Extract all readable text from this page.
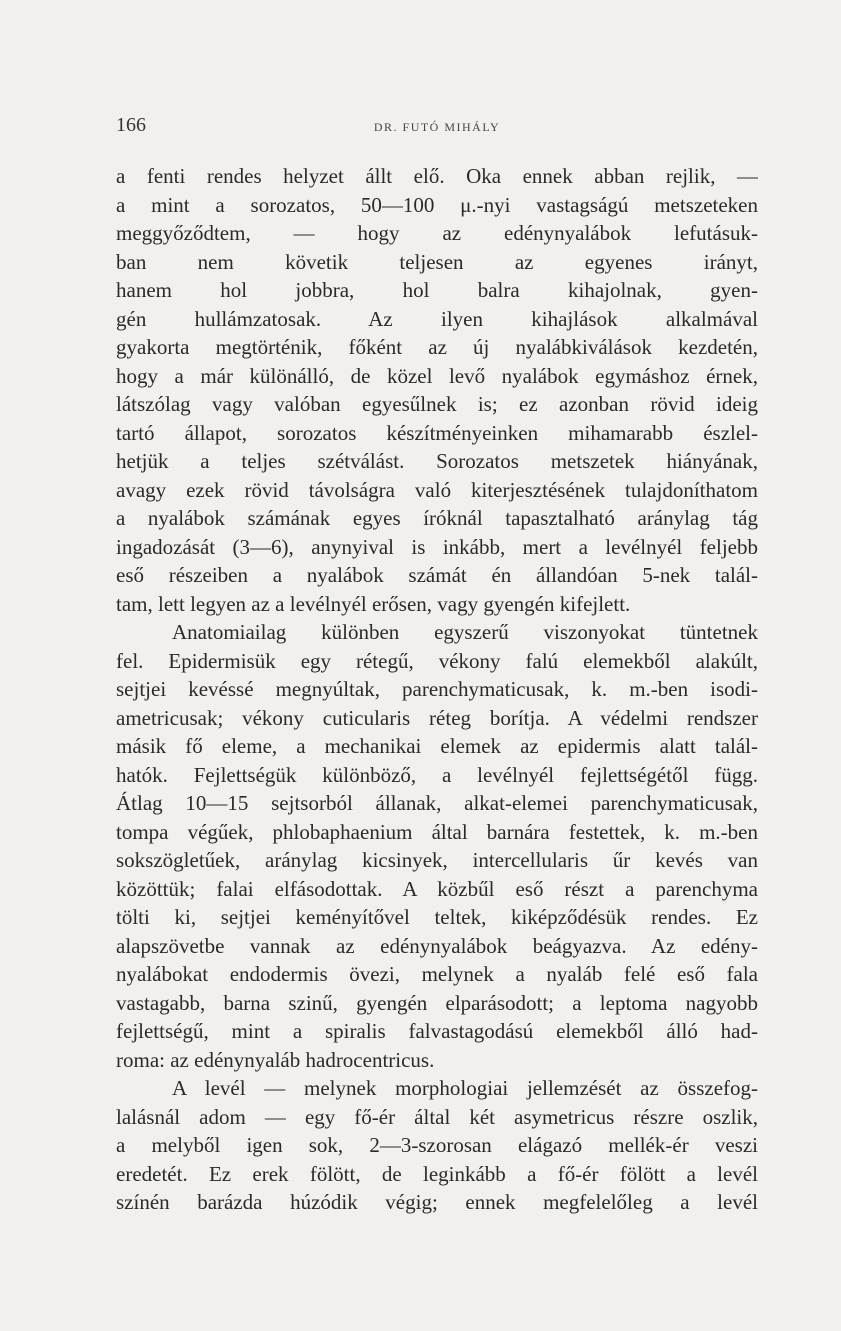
166	DR. FUTÓ MIHÁLY
a fenti rendes helyzet állt elő. Oka ennek abban rejlik, —
a mint a sorozatos, 50—100 μ.-nyi vastagságú metszeteken
meggyőződtem, — hogy az edénynyalábok lefutásuk-
ban nem követik teljesen az egyenes irányt,
hanem hol jobbra, hol balra kihajolnak, gyen-
gén hullámzatosak. Az ilyen kihajlások alkalmával
gyakorta megtörténik, főként az új nyalábkiválások kezdetén,
hogy a már különálló, de közel levő nyalábok egymáshoz érnek,
látszólag vagy valóban egyesűlnek is; ez azonban rövid ideig
tartó állapot, sorozatos készítményeinken mihamarabb észlel-
hetjük a teljes szétválást. Sorozatos metszetek hiányának,
avagy ezek rövid távolságra való kiterjesztésének tulajdoníthatom
a nyalábok számának egyes íróknál tapasztalható aránylag tág
ingadozását (3—6), anynyival is inkább, mert a levélnyél feljebb
eső részeiben a nyalábok számát én állandóan 5-nek talál-
tam, lett legyen az a levélnyél erősen, vagy gyengén kifejlett.
Anatomiailag különben egyszerű viszonyokat tüntetnek
fel. Epidermisük egy rétegű, vékony falú elemekből alakúlt,
sejtjei kevéssé megnyúltak, parenchymaticusak, k. m.-ben isodi-
ametricusak; vékony cuticularis réteg borítja. A védelmi rendszer
másik fő eleme, a mechanikai elemek az epidermis alatt talál-
hatók. Fejlettségük különböző, a levélnyél fejlettségétől függ.
Átlag 10—15 sejtsorból állanak, alkat-elemei parenchymaticusak,
tompa végűek, phlobaphaenium által barnára festettek, k. m.-ben
sokszögletűek, aránylag kicsinyek, intercellularis űr kevés van
közöttük; falai elfásodottak. A közbűl eső részt a parenchyma
tölti ki, sejtjei keményítővel teltek, kiképződésük rendes. Ez
alapszövetbe vannak az edénynyalábok beágyazva. Az edény-
nyalábokat endodermis övezi, melynek a nyaláb felé eső fala
vastagabb, barna szinű, gyengén elparásodott; a leptoma nagyobb
fejlettségű, mint a spiralis falvastagodású elemekből álló had-
roma: az edénynyaláb hadrocentricus.
A levél — melynek morphologiai jellemzését az összefog-
lalásnál adom — egy fő-ér által két asymetricus részre oszlik,
a melyből igen sok, 2—3-szorosan elágazó mellék-ér veszi
eredetét. Ez erek fölött, de leginkább a fő-ér fölött a levél
színén barázda húzódik végig; ennek megfelelőleg a levél
